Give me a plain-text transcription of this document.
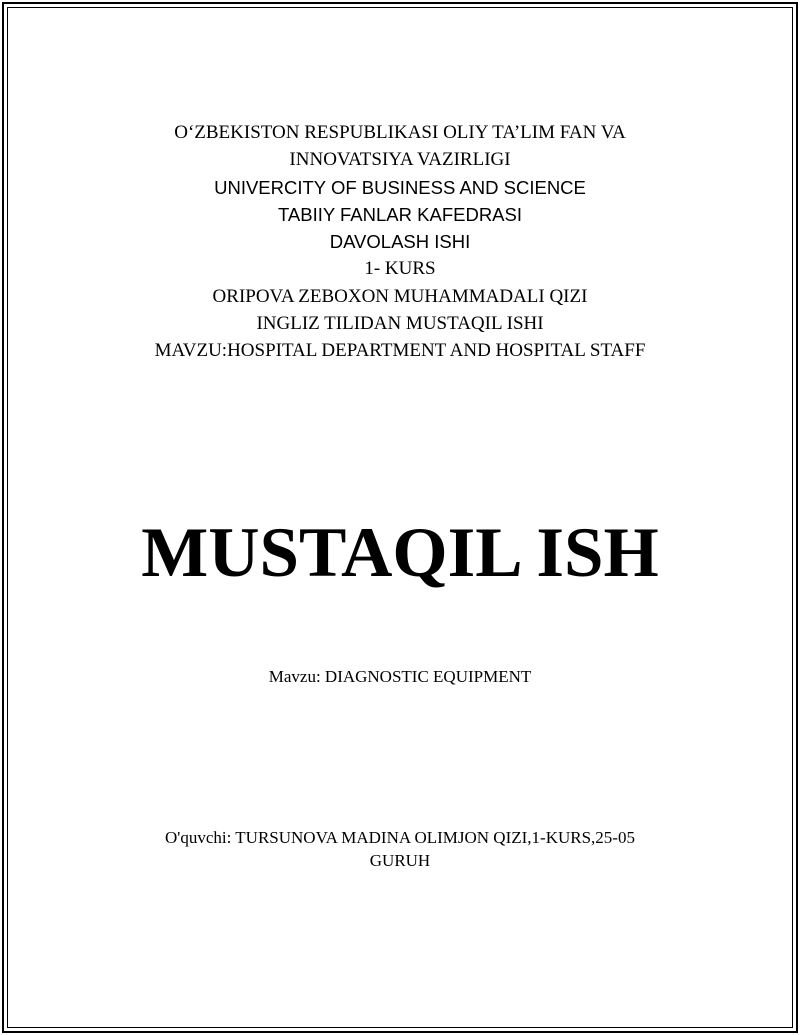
O‘ZBEKISTON RESPUBLIKASI OLIY TA’LIM FAN VA
INNOVATSIYA VAZIRLIGI
UNIVERCITY OF BUSINESS AND SCIENCE
TABIIY FANLAR KAFEDRASI
DAVOLASH ISHI
1- KURS
ORIPOVA ZEBOXON MUHAMMADALI QIZI
INGLIZ TILIDAN MUSTAQIL ISHI
MAVZU:HOSPITAL DEPARTMENT AND HOSPITAL STAFF
MUSTAQIL ISH
Mavzu: DIAGNOSTIC EQUIPMENT
O'quvchi: TURSUNOVA MADINA OLIMJON QIZI,1-KURS,25-05
GURUH
